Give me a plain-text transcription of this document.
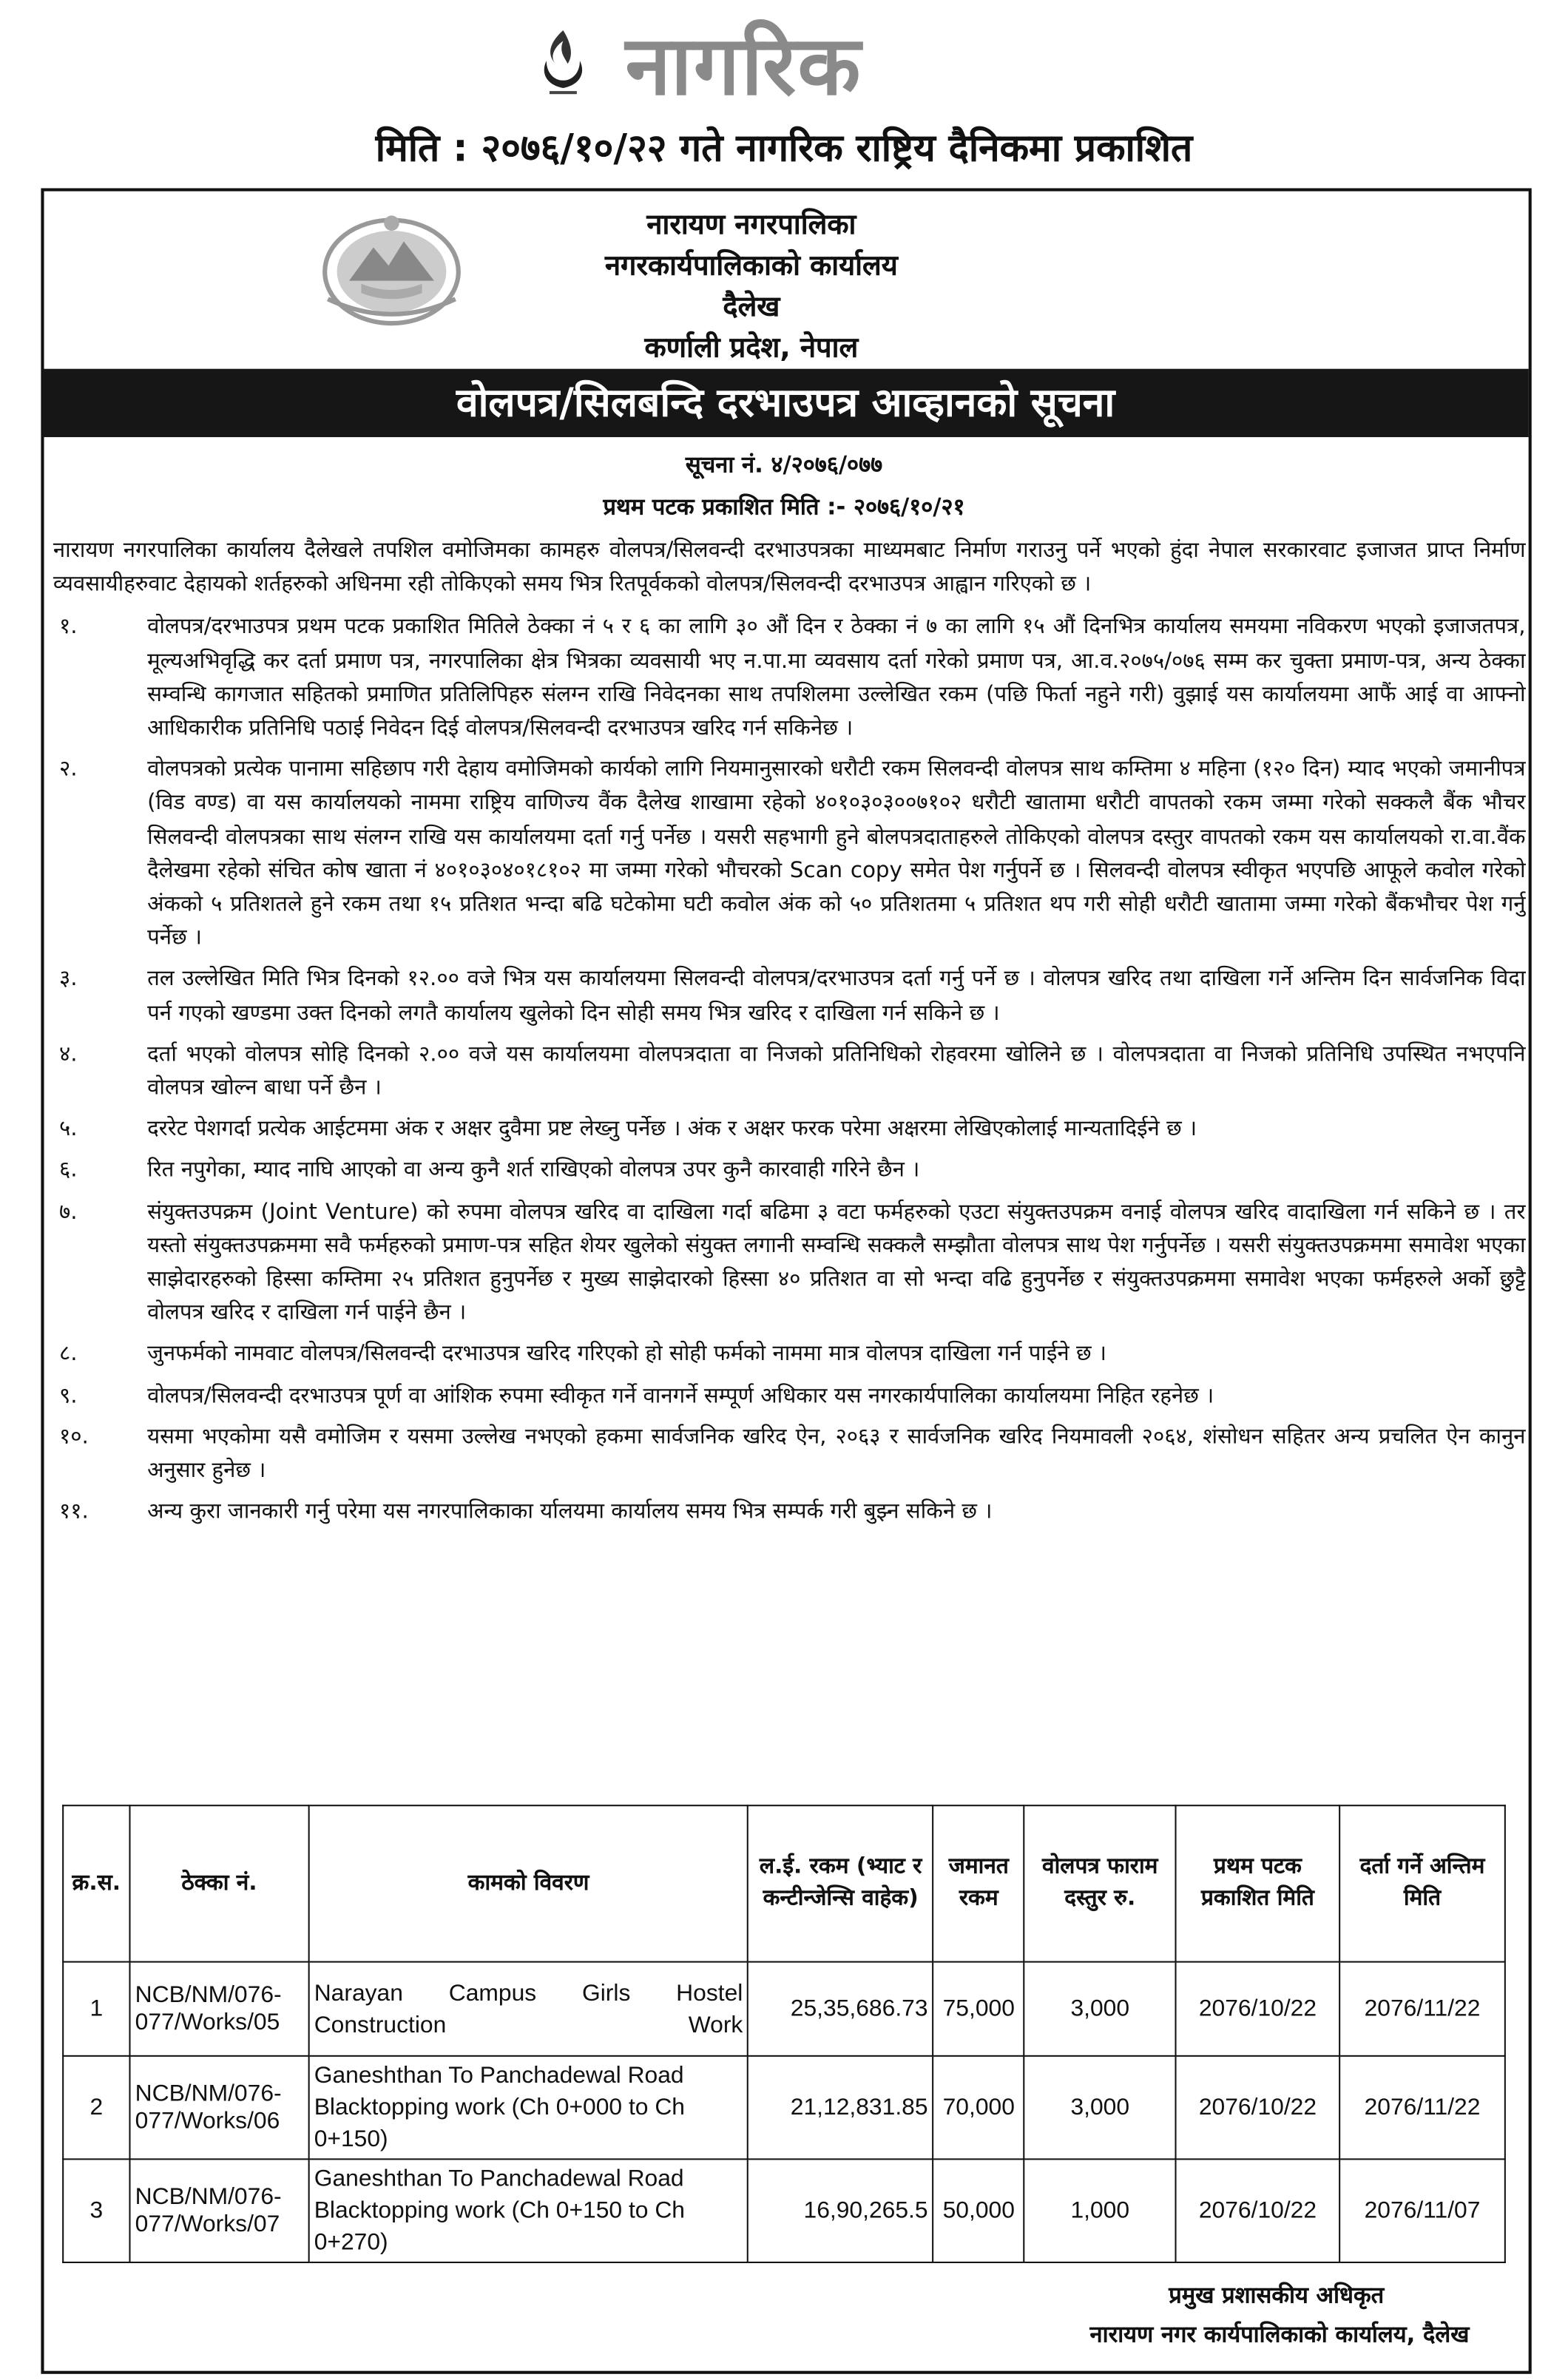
नागरिक
मिति : २०७६/१०/२२ गते नागरिक राष्ट्रिय दैनिकमा प्रकाशित
नारायण नगरपालिका
नगरकार्यपालिकाको कार्यालय
दैलेख
कर्णाली प्रदेश, नेपाल
वोलपत्र/सिलबन्दि दरभाउपत्र आव्हानको सूचना
सूचना नं. ४/२०७६/०७७
प्रथम पटक प्रकाशित मिति :- २०७६/१०/२१

नारायण नगरपालिका कार्यालय दैलेखले तपशिल वमोजिमका कामहरु वोलपत्र/सिलवन्दी दरभाउपत्रका माध्यमबाट निर्माण गराउनु पर्ने भएको हुंदा नेपाल सरकारवाट इजाजत प्राप्त निर्माण व्यवसायीहरुवाट देहायको शर्तहरुको अधिनमा रही तोकिएको समय भित्र रितपूर्वकको वोलपत्र/सिलवन्दी दरभाउपत्र आह्वान गरिएको छ ।

१.	वोलपत्र/दरभाउपत्र प्रथम पटक प्रकाशित मितिले ठेक्का नं ५ र ६ का लागि ३० औं दिन र ठेक्का नं ७ का लागि १५ औं दिनभित्र कार्यालय समयमा नविकरण भएको इजाजतपत्र, मूल्यअभिवृद्धि कर दर्ता प्रमाण पत्र, नगरपालिका क्षेत्र भित्रका व्यवसायी भए न.पा.मा व्यवसाय दर्ता गरेको प्रमाण पत्र, आ.व.२०७५/०७६ सम्म कर चुक्ता प्रमाण-पत्र, अन्य ठेक्का सम्वन्धि कागजात सहितको प्रमाणित प्रतिलिपिहरु संलग्न राखि निवेदनका साथ तपशिलमा उल्लेखित रकम (पछि फिर्ता नहुने गरी) वुझाई यस कार्यालयमा आफैं आई वा आफ्नो आधिकारीक प्रतिनिधि पठाई निवेदन दिई वोलपत्र/सिलवन्दी दरभाउपत्र खरिद गर्न सकिनेछ ।
२.	वोलपत्रको प्रत्येक पानामा सहिछाप गरी देहाय वमोजिमको कार्यको लागि नियमानुसारको धरौटी रकम सिलवन्दी वोलपत्र साथ कम्तिमा ४ महिना (१२० दिन) म्याद भएको जमानीपत्र (विड वण्ड) वा यस कार्यालयको नाममा राष्ट्रिय वाणिज्य वैंक दैलेख शाखामा रहेको ४०१०३०३००७१०२ धरौटी खातामा धरौटी वापतको रकम जम्मा गरेको सक्कलै बैंक भौचर सिलवन्दी वोलपत्रका साथ संलग्न राखि यस कार्यालयमा दर्ता गर्नु पर्नेछ । यसरी सहभागी हुने बोलपत्रदाताहरुले तोकिएको वोलपत्र दस्तुर वापतको रकम यस कार्यालयको रा.वा.वैंक दैलेखमा रहेको संचित कोष खाता नं ४०१०३०४०१८१०२ मा जम्मा गरेको भौचरको Scan copy समेत पेश गर्नुपर्ने छ । सिलवन्दी वोलपत्र स्वीकृत भएपछि आफूले कवोल गरेको अंकको ५ प्रतिशतले हुने रकम तथा १५ प्रतिशत भन्दा बढि घटेकोमा घटी कवोल अंक को ५० प्रतिशतमा ५ प्रतिशत थप गरी सोही धरौटी खातामा जम्मा गरेको बैंकभौचर पेश गर्नु पर्नेछ ।
३.	तल उल्लेखित मिति भित्र दिनको १२.०० वजे भित्र यस कार्यालयमा सिलवन्दी वोलपत्र/दरभाउपत्र दर्ता गर्नु पर्ने छ । वोलपत्र खरिद तथा दाखिला गर्ने अन्तिम दिन सार्वजनिक विदा पर्न गएको खण्डमा उक्त दिनको लगतै कार्यालय खुलेको दिन सोही समय भित्र खरिद र दाखिला गर्न सकिने छ ।
४.	दर्ता भएको वोलपत्र सोहि दिनको २.०० वजे यस कार्यालयमा वोलपत्रदाता वा निजको प्रतिनिधिको रोहवरमा खोलिने छ । वोलपत्रदाता वा निजको प्रतिनिधि उपस्थित नभएपनि वोलपत्र खोल्न बाधा पर्ने छैन ।
५.	दररेट पेशगर्दा प्रत्येक आईटममा अंक र अक्षर दुवैमा प्रष्ट लेख्नु पर्नेछ । अंक र अक्षर फरक परेमा अक्षरमा लेखिएकोलाई मान्यतादिईने छ ।
६.	रित नपुगेका, म्याद नाघि आएको वा अन्य कुनै शर्त राखिएको वोलपत्र उपर कुनै कारवाही गरिने छैन ।
७.	संयुक्तउपक्रम (Joint Venture) को रुपमा वोलपत्र खरिद वा दाखिला गर्दा बढिमा ३ वटा फर्महरुको एउटा संयुक्तउपक्रम वनाई वोलपत्र खरिद वादाखिला गर्न सकिने छ । तर यस्तो संयुक्तउपक्रममा सवै फर्महरुको प्रमाण-पत्र सहित शेयर खुलेको संयुक्त लगानी सम्वन्धि सक्कलै सम्झौता वोलपत्र साथ पेश गर्नुपर्नेछ । यसरी संयुक्तउपक्रममा समावेश भएका साझेदारहरुको हिस्सा कम्तिमा २५ प्रतिशत हुनुपर्नेछ र मुख्य साझेदारको हिस्सा ४० प्रतिशत वा सो भन्दा वढि हुनुपर्नेछ र संयुक्तउपक्रममा समावेश भएका फर्महरुले अर्को छुट्टै वोलपत्र खरिद र दाखिला गर्न पाईने छैन ।
८.	जुनफर्मको नामवाट वोलपत्र/सिलवन्दी दरभाउपत्र खरिद गरिएको हो सोही फर्मको नाममा मात्र वोलपत्र दाखिला गर्न पाईने छ ।
९.	वोलपत्र/सिलवन्दी दरभाउपत्र पूर्ण वा आंशिक रुपमा स्वीकृत गर्ने वानगर्ने सम्पूर्ण अधिकार यस नगरकार्यपालिका कार्यालयमा निहित रहनेछ ।
१०.	यसमा भएकोमा यसै वमोजिम र यसमा उल्लेख नभएको हकमा सार्वजनिक खरिद ऐन, २०६३ र सार्वजनिक खरिद नियमावली २०६४, शंसोधन सहितर अन्य प्रचलित ऐन कानुन अनुसार हुनेछ ।
११.	अन्य कुरा जानकारी गर्नु परेमा यस नगरपालिकाका र्यालयमा कार्यालय समय भित्र सम्पर्क गरी बुझ्न सकिने छ ।
क्र.स.	ठेक्का नं.	कामको विवरण	ल.ई. रकम (भ्याट र कन्टीन्जेन्सि वाहेक)	जमानत रकम	वोलपत्र फाराम दस्तुर रु.	प्रथम पटक प्रकाशित मिति	दर्ता गर्ने अन्तिम मिति
1	NCB/NM/076-077/Works/05	Narayan Campus Girls Hostel Construction Work	25,35,686.73	75,000	3,000	2076/10/22	2076/11/22
2	NCB/NM/076-077/Works/06	Ganeshthan To Panchadewal Road Blacktopping work (Ch 0+000 to Ch 0+150)	21,12,831.85	70,000	3,000	2076/10/22	2076/11/22
3	NCB/NM/076-077/Works/07	Ganeshthan To Panchadewal Road Blacktopping work (Ch 0+150 to Ch 0+270)	16,90,265.5	50,000	1,000	2076/10/22	2076/11/07
प्रमुख प्रशासकीय अधिकृत
नारायण नगर कार्यपालिकाको कार्यालय, दैलेख
